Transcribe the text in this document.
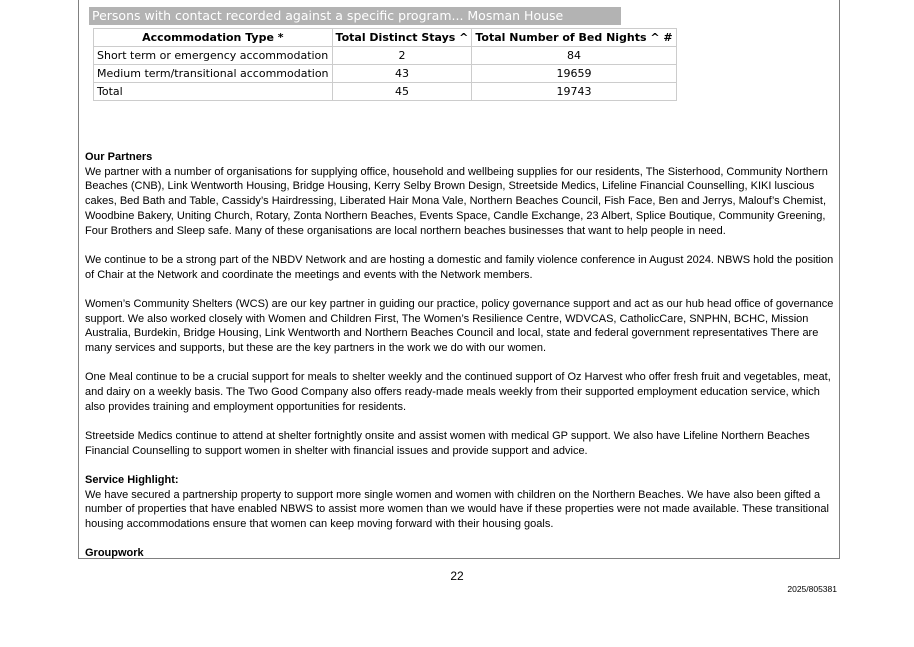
Persons with contact recorded against a specific program... Mosman House
Accommodation Type *	Total Distinct Stays ^	Total Number of Bed Nights ^ #
Short term or emergency accommodation	2	84
Medium term/transitional accommodation	43	19659
Total	45	19743
Our Partners

We partner with a number of organisations for supplying office, household and wellbeing supplies for our residents, The Sisterhood, Community Northern Beaches (CNB), Link Wentworth Housing, Bridge Housing, Kerry Selby Brown Design, Streetside Medics, Lifeline Financial Counselling, KIKI luscious cakes, Bed Bath and Table, Cassidy’s Hairdressing, Liberated Hair Mona Vale, Northern Beaches Council, Fish Face, Ben and Jerrys, Malouf’s Chemist, Woodbine Bakery, Uniting Church, Rotary, Zonta Northern Beaches, Events Space, Candle Exchange, 23 Albert, Splice Boutique, Community Greening, Four Brothers and Sleep safe. Many of these organisations are local northern beaches businesses that want to help people in need.

We continue to be a strong part of the NBDV Network and are hosting a domestic and family violence conference in August 2024. NBWS hold the position of Chair at the Network and coordinate the meetings and events with the Network members.

Women’s Community Shelters (WCS) are our key partner in guiding our practice, policy governance support and act as our hub head office of governance support. We also worked closely with Women and Children First, The Women’s Resilience Centre, WDVCAS, CatholicCare, SNPHN, BCHC, Mission Australia, Burdekin, Bridge Housing, Link Wentworth and Northern Beaches Council and local, state and federal government representatives There are many services and supports, but these are the key partners in the work we do with our women.

One Meal continue to be a crucial support for meals to shelter weekly and the continued support of Oz Harvest who offer fresh fruit and vegetables, meat, and dairy on a weekly basis. The Two Good Company also offers ready-made meals weekly from their supported employment education service, which also provides training and employment opportunities for residents.

Streetside Medics continue to attend at shelter fortnightly onsite and assist women with medical GP support. We also have Lifeline Northern Beaches Financial Counselling to support women in shelter with financial issues and provide support and advice.

Service Highlight:

We have secured a partnership property to support more single women and women with children on the Northern Beaches. We have also been gifted a number of properties that have enabled NBWS to assist more women than we would have if these properties were not made available. These transitional housing accommodations ensure that women can keep moving forward with their housing goals.

Groupwork
22
2025/805381
